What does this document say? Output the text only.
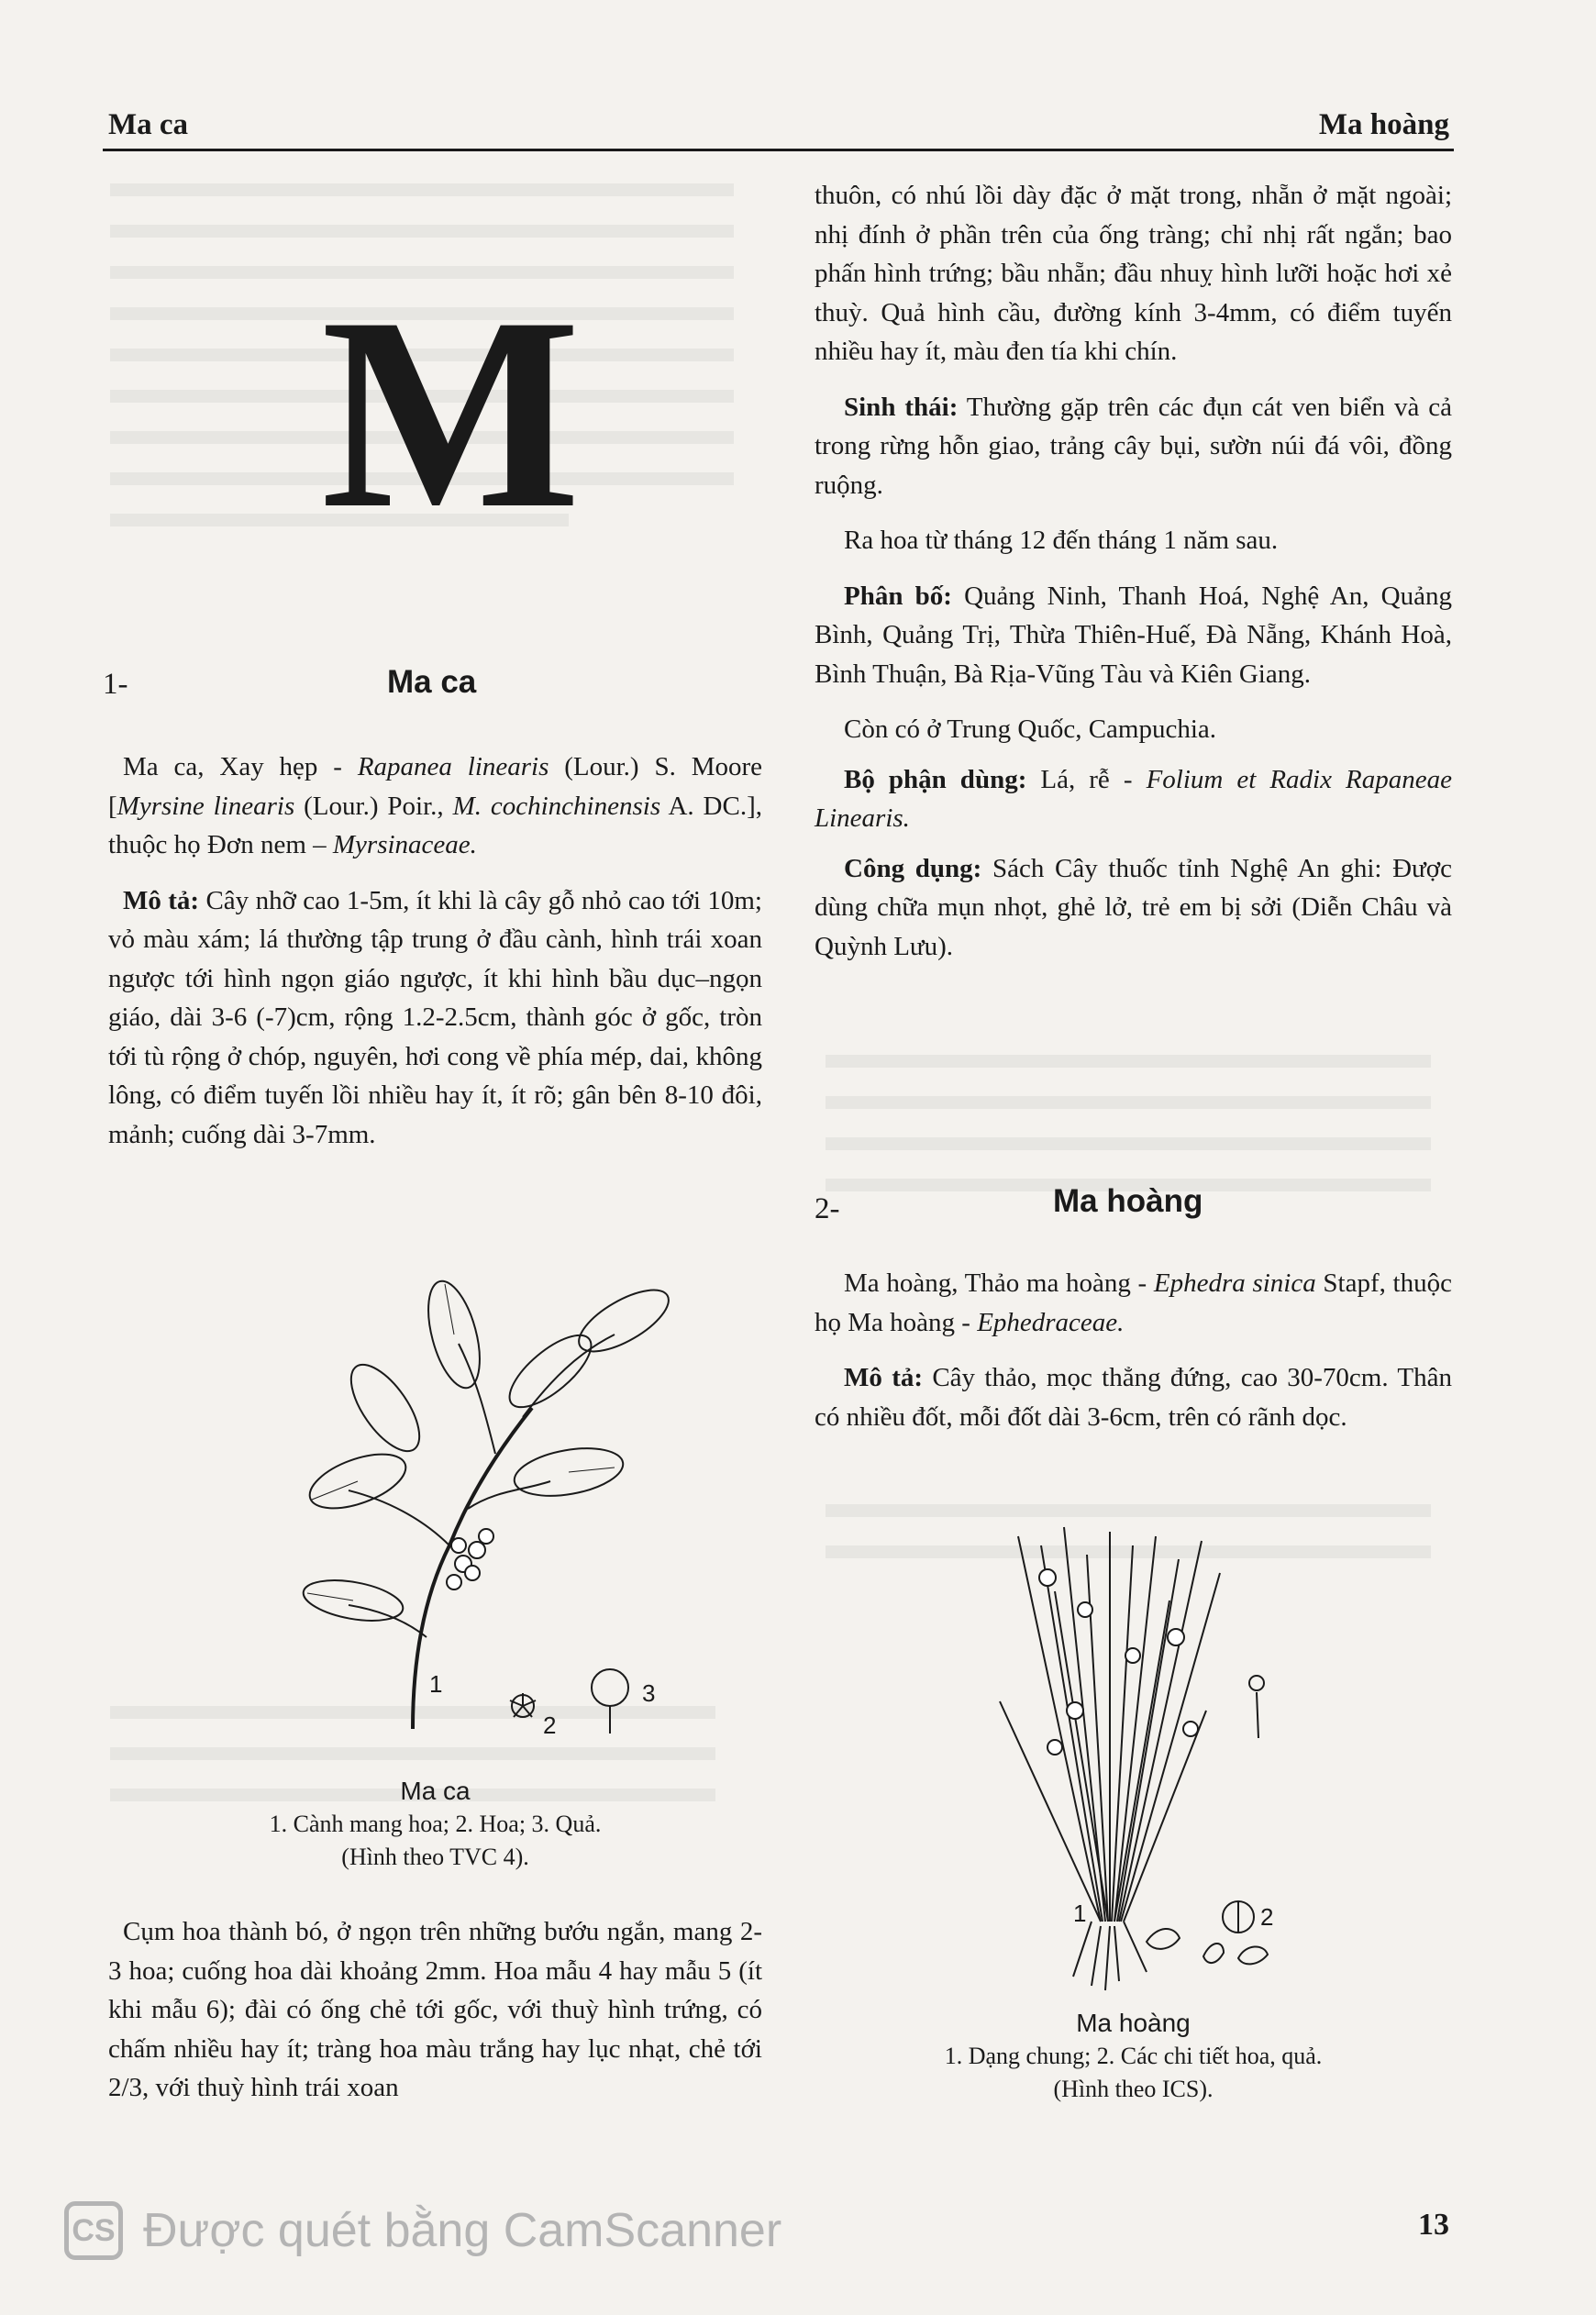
Ma ca	Ma hoàng
M
1-	Ma ca

Ma ca, Xay hẹp - Rapanea linearis (Lour.) S. Moore [Myrsine linearis (Lour.) Poir., M. cochinchinensis A. DC.], thuộc họ Đơn nem – Myrsinaceae.

Mô tả: Cây nhỡ cao 1-5m, ít khi là cây gỗ nhỏ cao tới 10m; vỏ màu xám; lá thường tập trung ở đầu cành, hình trái xoan ngược tới hình ngọn giáo ngược, ít khi hình bầu dục–ngọn giáo, dài 3-6 (-7)cm, rộng 1.2-2.5cm, thành góc ở gốc, tròn tới tù rộng ở chóp, nguyên, hơi cong về phía mép, dai, không lông, có điểm tuyến lồi nhiều hay ít, ít rõ; gân bên 8-10 đôi, mảnh; cuống dài 3-7mm.

1
2
3
Ma ca
1. Cành mang hoa; 2. Hoa; 3. Quả.
(Hình theo TVC 4).

Cụm hoa thành bó, ở ngọn trên những bướu ngắn, mang 2-3 hoa; cuống hoa dài khoảng 2mm. Hoa mẫu 4 hay mẫu 5 (ít khi mẫu 6); đài có ống chẻ tới gốc, với thuỳ hình trứng, có chấm nhiều hay ít; tràng hoa màu trắng hay lục nhạt, chẻ tới 2/3, với thuỳ hình trái xoan

thuôn, có nhú lồi dày đặc ở mặt trong, nhẵn ở mặt ngoài; nhị đính ở phần trên của ống tràng; chỉ nhị rất ngắn; bao phấn hình trứng; bầu nhẵn; đầu nhuỵ hình lưỡi hoặc hơi xẻ thuỳ. Quả hình cầu, đường kính 3-4mm, có điểm tuyến nhiều hay ít, màu đen tía khi chín.

Sinh thái: Thường gặp trên các đụn cát ven biển và cả trong rừng hỗn giao, trảng cây bụi, sườn núi đá vôi, đồng ruộng.

Ra hoa từ tháng 12 đến tháng 1 năm sau.

Phân bố: Quảng Ninh, Thanh Hoá, Nghệ An, Quảng Bình, Quảng Trị, Thừa Thiên-Huế, Đà Nẵng, Khánh Hoà, Bình Thuận, Bà Rịa-Vũng Tàu và Kiên Giang.

Còn có ở Trung Quốc, Campuchia.

Bộ phận dùng: Lá, rễ - Folium et Radix Rapaneae Linearis.

Công dụng: Sách Cây thuốc tỉnh Nghệ An ghi: Được dùng chữa mụn nhọt, ghẻ lở, trẻ em bị sởi (Diễn Châu và Quỳnh Lưu).

2-	Ma hoàng

Ma hoàng, Thảo ma hoàng - Ephedra sinica Stapf, thuộc họ Ma hoàng - Ephedraceae.

Mô tả: Cây thảo, mọc thẳng đứng, cao 30-70cm. Thân có nhiều đốt, mỗi đốt dài 3-6cm, trên có rãnh dọc.

1	2
Ma hoàng
1. Dạng chung; 2. Các chi tiết hoa, quả.
(Hình theo ICS).
CS Được quét bằng CamScanner	13
